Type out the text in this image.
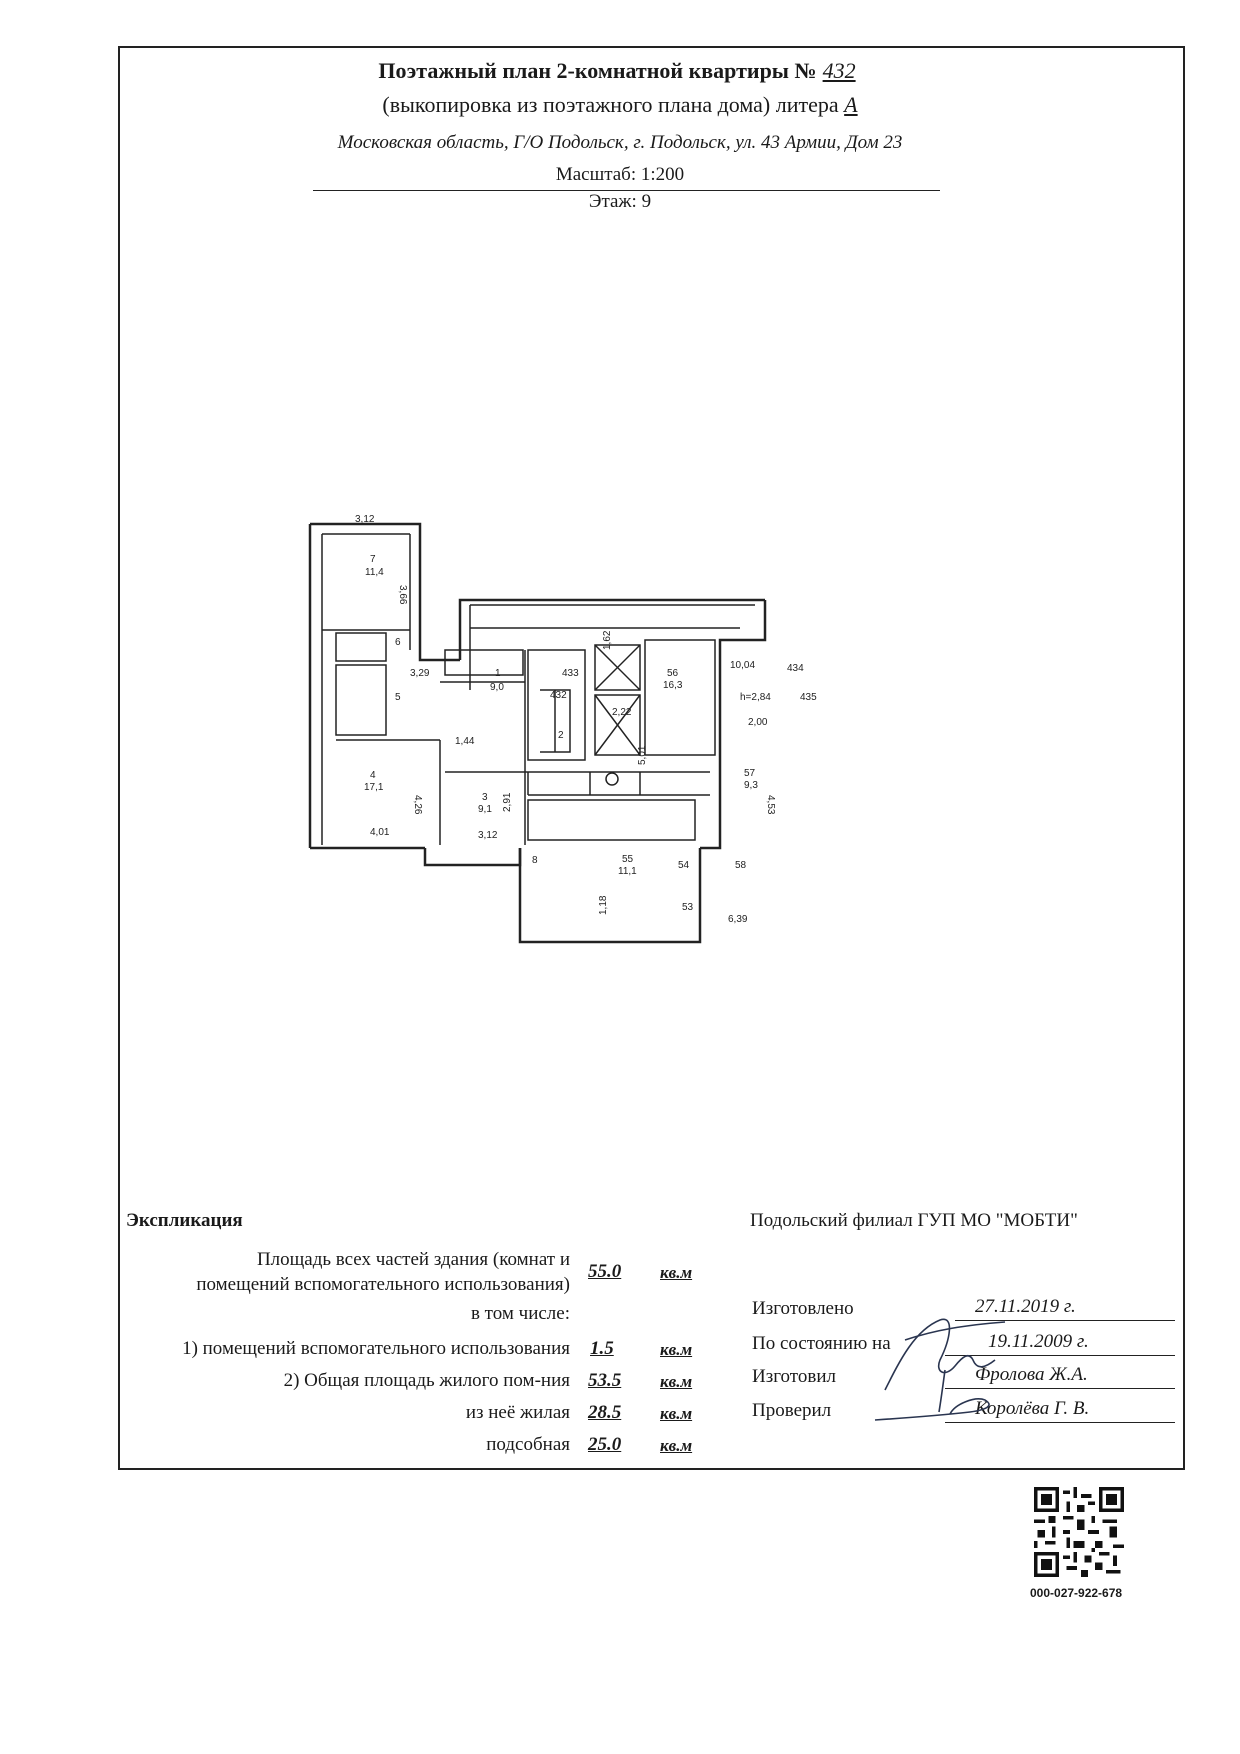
Поэтажный план 2-комнатной квартиры № 432
(выкопировка из поэтажного плана дома) литера А
Московская область, Г/О Подольск, г. Подольск, ул. 43 Армии, Дом 23
Масштаб: 1:200
Этаж: 9
3,12
7
11,4
3,66
6
5
3,29	1
9,0
1,44
2
4
17,1
4,26
4,01
3
9,1 2,91
3,12
8
433
432
1,62
56
16,3
10,04	434
435
h=2,84
2,22
5,01
2,00
57
9,3
4,53
55
11,1
54	58
1,18	53
6,39
Экспликация
Площадь всех частей здания (комнат и
помещений вспомогательного использования)
55.0 кв.м
в том числе:
1) помещений вспомогательного использования 1.5	кв.м
2) Общая площадь жилого пом-ния 53.5 кв.м
из неё жилая 28.5 кв.м
подсобная 25.0 кв.м
Подольский филиал ГУП МО "МОБТИ"
Изготовлено	27.11.2019 г.
По состоянию на	19.11.2009 г.
Изготовил	Фролова Ж.А.
Проверил	Королёва Г. В.
000-027-922-678
